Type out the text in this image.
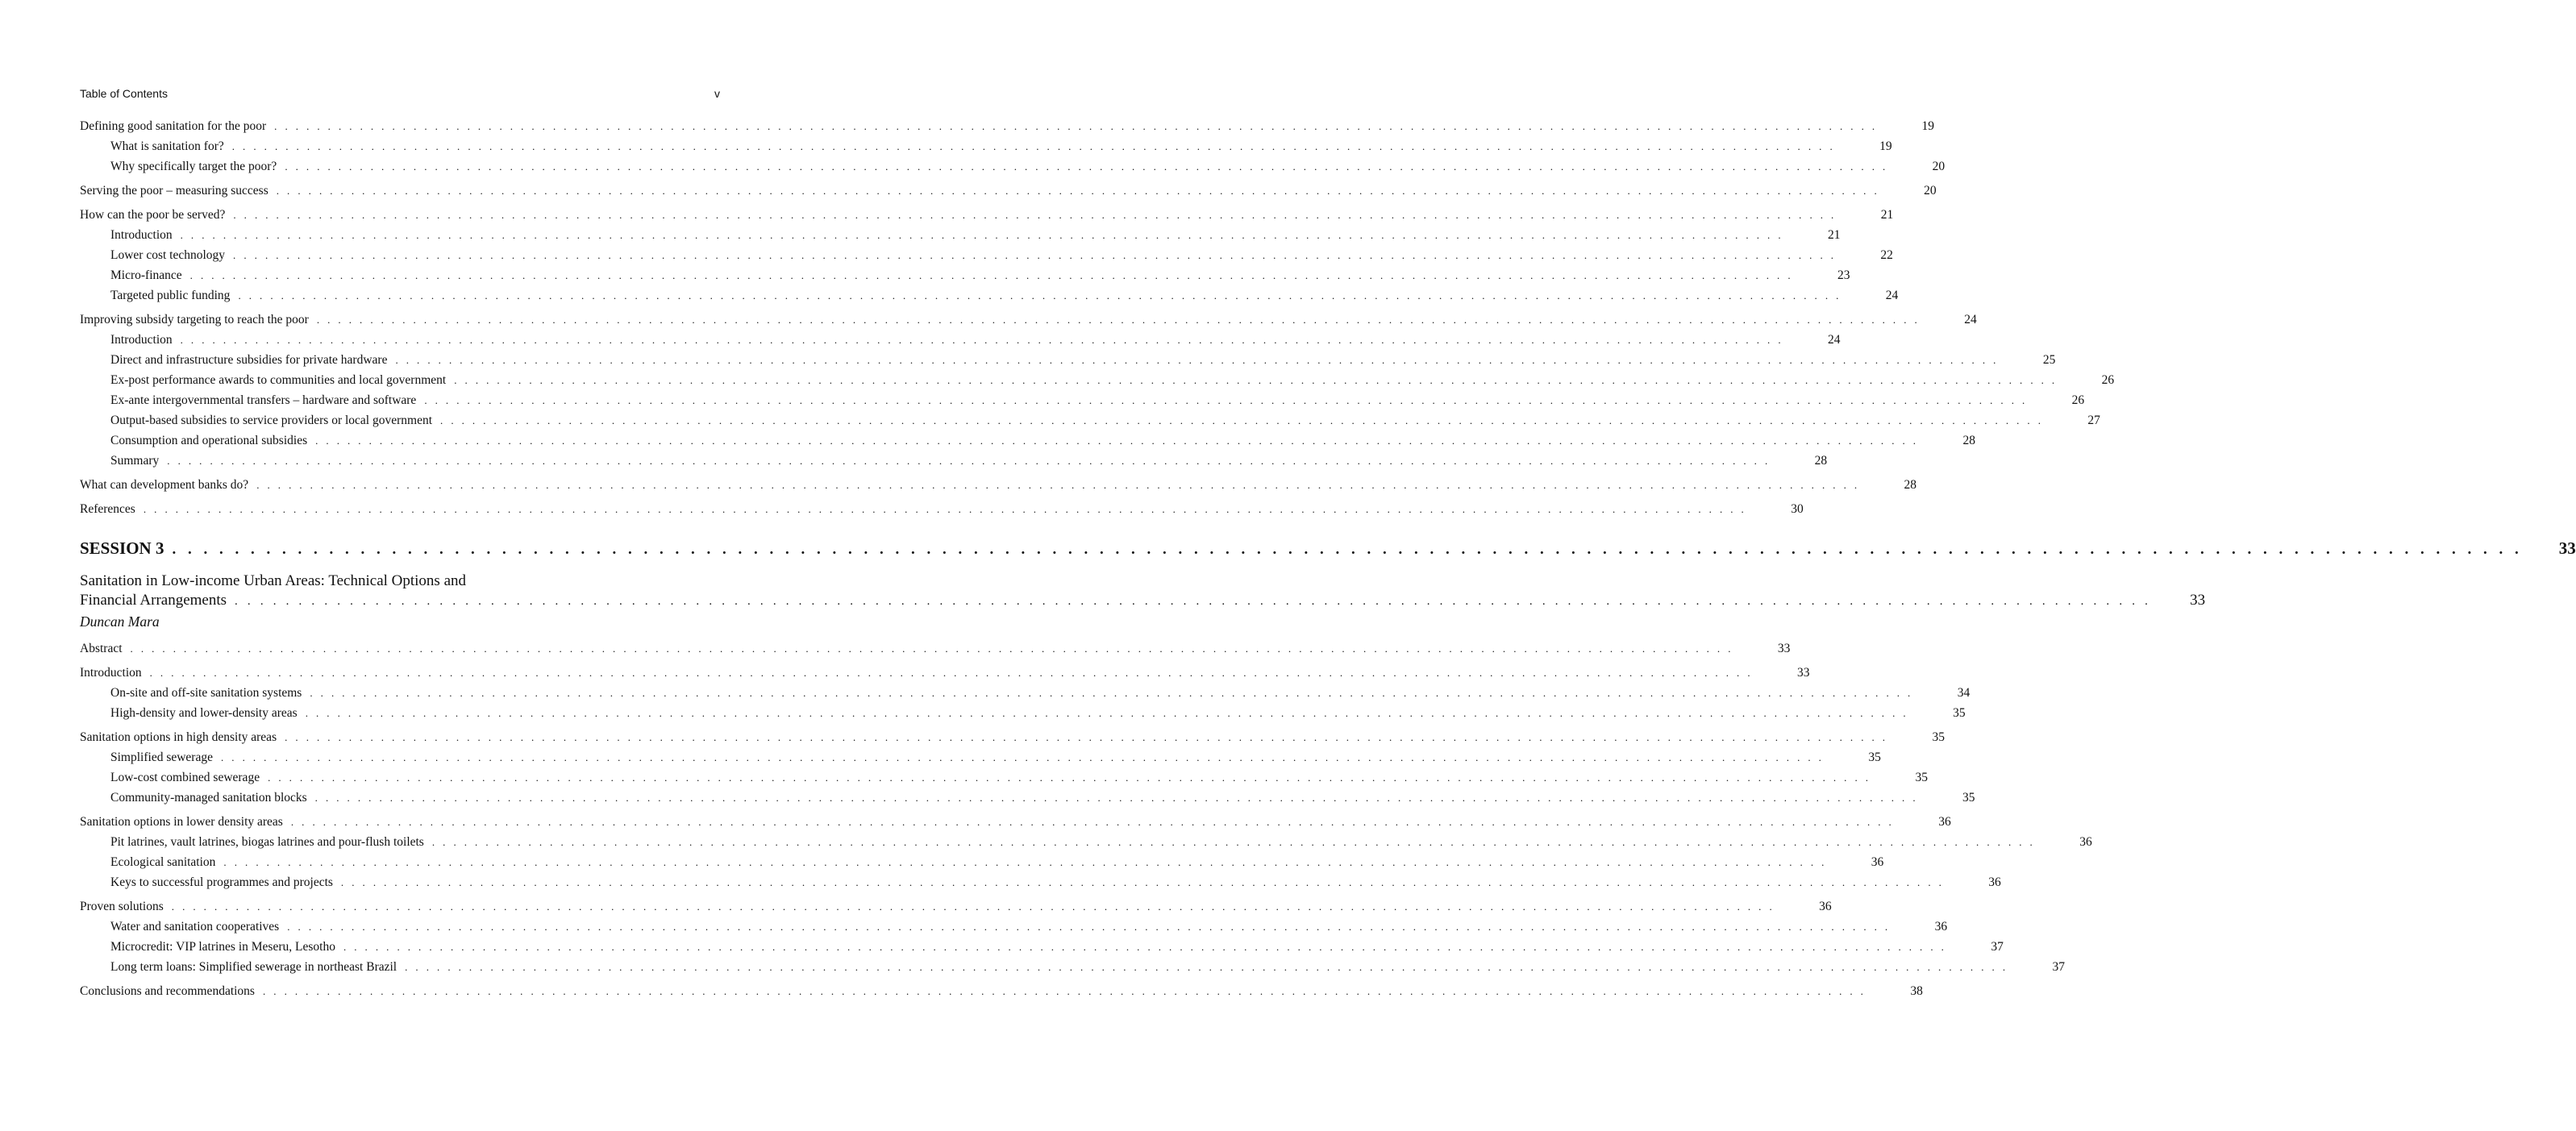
Table of Contents	v
Defining good sanitation for the poor . . . . . . . . . . . . . . . . . . . . . . . . . . . . . . . . . . . . . . . . . . . . . . . . . . . . . . . . . . . . . . . . . . . . . . . . . . . . . . . . . . . . . . . . . . . . . . . . . . . . . . . . . . . . . . . . . . . . . . . . . . . . . . . . . . . . . . . . . . . . . . . . . . . . . .	19
What is sanitation for? . . . . . . . . . . . . . . . . . . . . . . . . . . . . . . . . . . . . . . . . . . . . . . . . . . . . . . . . . . . . . . . . . . . . . . . . . . . . . . . . . . . . . . . . . . . . . . . . . . . . . . . . . . . . . . . . . . . . . . . . . . . . . . . . . . . . . . . . . . . . . . . . . . . . . .	19
Why specifically target the poor? . . . . . . . . . . . . . . . . . . . . . . . . . . . . . . . . . . . . . . . . . . . . . . . . . . . . . . . . . . . . . . . . . . . . . . . . . . . . . . . . . . . . . . . . . . . . . . . . . . . . . . . . . . . . . . . . . . . . . . . . . . . . . . . . . . . . . . . . . . . . . . . . . . . . . .	20
Serving the poor – measuring success . . . . . . . . . . . . . . . . . . . . . . . . . . . . . . . . . . . . . . . . . . . . . . . . . . . . . . . . . . . . . . . . . . . . . . . . . . . . . . . . . . . . . . . . . . . . . . . . . . . . . . . . . . . . . . . . . . . . . . . . . . . . . . . . . . . . . . . . . . . . . . . . . . . . . .	20
How can the poor be served? . . . . . . . . . . . . . . . . . . . . . . . . . . . . . . . . . . . . . . . . . . . . . . . . . . . . . . . . . . . . . . . . . . . . . . . . . . . . . . . . . . . . . . . . . . . . . . . . . . . . . . . . . . . . . . . . . . . . . . . . . . . . . . . . . . . . . . . . . . . . . . . . . . . . . .	21
Introduction . . . . . . . . . . . . . . . . . . . . . . . . . . . . . . . . . . . . . . . . . . . . . . . . . . . . . . . . . . . . . . . . . . . . . . . . . . . . . . . . . . . . . . . . . . . . . . . . . . . . . . . . . . . . . . . . . . . . . . . . . . . . . . . . . . . . . . . . . . . . . . . . . . . . . .	21
Lower cost technology . . . . . . . . . . . . . . . . . . . . . . . . . . . . . . . . . . . . . . . . . . . . . . . . . . . . . . . . . . . . . . . . . . . . . . . . . . . . . . . . . . . . . . . . . . . . . . . . . . . . . . . . . . . . . . . . . . . . . . . . . . . . . . . . . . . . . . . . . . . . . . . . . . . . . .	22
Micro-finance . . . . . . . . . . . . . . . . . . . . . . . . . . . . . . . . . . . . . . . . . . . . . . . . . . . . . . . . . . . . . . . . . . . . . . . . . . . . . . . . . . . . . . . . . . . . . . . . . . . . . . . . . . . . . . . . . . . . . . . . . . . . . . . . . . . . . . . . . . . . . . . . . . . . . .	23
Targeted public funding . . . . . . . . . . . . . . . . . . . . . . . . . . . . . . . . . . . . . . . . . . . . . . . . . . . . . . . . . . . . . . . . . . . . . . . . . . . . . . . . . . . . . . . . . . . . . . . . . . . . . . . . . . . . . . . . . . . . . . . . . . . . . . . . . . . . . . . . . . . . . . . . . . . . . .	24
Improving subsidy targeting to reach the poor . . . . . . . . . . . . . . . . . . . . . . . . . . . . . . . . . . . . . . . . . . . . . . . . . . . . . . . . . . . . . . . . . . . . . . . . . . . . . . . . . . . . . . . . . . . . . . . . . . . . . . . . . . . . . . . . . . . . . . . . . . . . . . . . . . . . . . . . . . . . . . . . . . . . . .	24
Introduction . . . . . . . . . . . . . . . . . . . . . . . . . . . . . . . . . . . . . . . . . . . . . . . . . . . . . . . . . . . . . . . . . . . . . . . . . . . . . . . . . . . . . . . . . . . . . . . . . . . . . . . . . . . . . . . . . . . . . . . . . . . . . . . . . . . . . . . . . . . . . . . . . . . . . .	24
Direct and infrastructure subsidies for private hardware . . . . . . . . . . . . . . . . . . . . . . . . . . . . . . . . . . . . . . . . . . . . . . . . . . . . . . . . . . . . . . . . . . . . . . . . . . . . . . . . . . . . . . . . . . . . . . . . . . . . . . . . . . . . . . . . . . . . . . . . . . . . . . . . . . . . . . . . . . . . . . . . . . . . . .	25
Ex-post performance awards to communities and local government . . . . . . . . . . . . . . . . . . . . . . . . . . . . . . . . . . . . . . . . . . . . . . . . . . . . . . . . . . . . . . . . . . . . . . . . . . . . . . . . . . . . . . . . . . . . . . . . . . . . . . . . . . . . . . . . . . . . . . . . . . . . . . . . . . . . . . . . . . . . . . . . . . . . . .	26
Ex-ante intergovernmental transfers – hardware and software . . . . . . . . . . . . . . . . . . . . . . . . . . . . . . . . . . . . . . . . . . . . . . . . . . . . . . . . . . . . . . . . . . . . . . . . . . . . . . . . . . . . . . . . . . . . . . . . . . . . . . . . . . . . . . . . . . . . . . . . . . . . . . . . . . . . . . . . . . . . . . . . . . . . . .	26
Output-based subsidies to service providers or local government . . . . . . . . . . . . . . . . . . . . . . . . . . . . . . . . . . . . . . . . . . . . . . . . . . . . . . . . . . . . . . . . . . . . . . . . . . . . . . . . . . . . . . . . . . . . . . . . . . . . . . . . . . . . . . . . . . . . . . . . . . . . . . . . . . . . . . . . . . . . . . . . . . . . . .	27
Consumption and operational subsidies . . . . . . . . . . . . . . . . . . . . . . . . . . . . . . . . . . . . . . . . . . . . . . . . . . . . . . . . . . . . . . . . . . . . . . . . . . . . . . . . . . . . . . . . . . . . . . . . . . . . . . . . . . . . . . . . . . . . . . . . . . . . . . . . . . . . . . . . . . . . . . . . . . . . . .	28
Summary . . . . . . . . . . . . . . . . . . . . . . . . . . . . . . . . . . . . . . . . . . . . . . . . . . . . . . . . . . . . . . . . . . . . . . . . . . . . . . . . . . . . . . . . . . . . . . . . . . . . . . . . . . . . . . . . . . . . . . . . . . . . . . . . . . . . . . . . . . . . . . . . . . . . . .	28
What can development banks do? . . . . . . . . . . . . . . . . . . . . . . . . . . . . . . . . . . . . . . . . . . . . . . . . . . . . . . . . . . . . . . . . . . . . . . . . . . . . . . . . . . . . . . . . . . . . . . . . . . . . . . . . . . . . . . . . . . . . . . . . . . . . . . . . . . . . . . . . . . . . . . . . . . . . . .	28
References . . . . . . . . . . . . . . . . . . . . . . . . . . . . . . . . . . . . . . . . . . . . . . . . . . . . . . . . . . . . . . . . . . . . . . . . . . . . . . . . . . . . . . . . . . . . . . . . . . . . . . . . . . . . . . . . . . . . . . . . . . . . . . . . . . . . . . . . . . . . . . . . . . . . . .	30
SESSION 3 . . . . . . . . . . . . . . . . . . . . . . . . . . . . . . . . . . . . . . . . . . . . . . . . . . . . . . . . . . . . . . . . . . . . . . . . . . . . . . . . . . . . . . . . . . . . . . . . . . . . . . . . . . . . . . . . . . . . . . . . . . . . . . . . . . . . . . . . . . . . . . . . . . . . . . 33
Sanitation in Low-income Urban Areas: Technical Options and
Financial Arrangements . . . . . . . . . . . . . . . . . . . . . . . . . . . . . . . . . . . . . . . . . . . . . . . . . . . . . . . . . . . . . . . . . . . . . . . . . . . . . . . . . . . . . . . . . . . . . . . . . . . . . . . . . . . . . . . . . . . . . . . . . . . . . . . . . . . . . . . . . . . . . . . . . . . . . .	33
Duncan Mara
Abstract . . . . . . . . . . . . . . . . . . . . . . . . . . . . . . . . . . . . . . . . . . . . . . . . . . . . . . . . . . . . . . . . . . . . . . . . . . . . . . . . . . . . . . . . . . . . . . . . . . . . . . . . . . . . . . . . . . . . . . . . . . . . . . . . . . . . . . . . . . . . . . . . . . . . . .	33
Introduction . . . . . . . . . . . . . . . . . . . . . . . . . . . . . . . . . . . . . . . . . . . . . . . . . . . . . . . . . . . . . . . . . . . . . . . . . . . . . . . . . . . . . . . . . . . . . . . . . . . . . . . . . . . . . . . . . . . . . . . . . . . . . . . . . . . . . . . . . . . . . . . . . . . . . .	33
On-site and off-site sanitation systems . . . . . . . . . . . . . . . . . . . . . . . . . . . . . . . . . . . . . . . . . . . . . . . . . . . . . . . . . . . . . . . . . . . . . . . . . . . . . . . . . . . . . . . . . . . . . . . . . . . . . . . . . . . . . . . . . . . . . . . . . . . . . . . . . . . . . . . . . . . . . . . . . . . . . .	34
High-density and lower-density areas . . . . . . . . . . . . . . . . . . . . . . . . . . . . . . . . . . . . . . . . . . . . . . . . . . . . . . . . . . . . . . . . . . . . . . . . . . . . . . . . . . . . . . . . . . . . . . . . . . . . . . . . . . . . . . . . . . . . . . . . . . . . . . . . . . . . . . . . . . . . . . . . . . . . . .	35
Sanitation options in high density areas . . . . . . . . . . . . . . . . . . . . . . . . . . . . . . . . . . . . . . . . . . . . . . . . . . . . . . . . . . . . . . . . . . . . . . . . . . . . . . . . . . . . . . . . . . . . . . . . . . . . . . . . . . . . . . . . . . . . . . . . . . . . . . . . . . . . . . . . . . . . . . . . . . . . . .	35
Simplified sewerage . . . . . . . . . . . . . . . . . . . . . . . . . . . . . . . . . . . . . . . . . . . . . . . . . . . . . . . . . . . . . . . . . . . . . . . . . . . . . . . . . . . . . . . . . . . . . . . . . . . . . . . . . . . . . . . . . . . . . . . . . . . . . . . . . . . . . . . . . . . . . . . . . . . . . .	35
Low-cost combined sewerage . . . . . . . . . . . . . . . . . . . . . . . . . . . . . . . . . . . . . . . . . . . . . . . . . . . . . . . . . . . . . . . . . . . . . . . . . . . . . . . . . . . . . . . . . . . . . . . . . . . . . . . . . . . . . . . . . . . . . . . . . . . . . . . . . . . . . . . . . . . . . . . . . . . . . .	35
Community-managed sanitation blocks . . . . . . . . . . . . . . . . . . . . . . . . . . . . . . . . . . . . . . . . . . . . . . . . . . . . . . . . . . . . . . . . . . . . . . . . . . . . . . . . . . . . . . . . . . . . . . . . . . . . . . . . . . . . . . . . . . . . . . . . . . . . . . . . . . . . . . . . . . . . . . . . . . . . . .	35
Sanitation options in lower density areas . . . . . . . . . . . . . . . . . . . . . . . . . . . . . . . . . . . . . . . . . . . . . . . . . . . . . . . . . . . . . . . . . . . . . . . . . . . . . . . . . . . . . . . . . . . . . . . . . . . . . . . . . . . . . . . . . . . . . . . . . . . . . . . . . . . . . . . . . . . . . . . . . . . . . .	36
Pit latrines, vault latrines, biogas latrines and pour-flush toilets . . . . . . . . . . . . . . . . . . . . . . . . . . . . . . . . . . . . . . . . . . . . . . . . . . . . . . . . . . . . . . . . . . . . . . . . . . . . . . . . . . . . . . . . . . . . . . . . . . . . . . . . . . . . . . . . . . . . . . . . . . . . . . . . . . . . . . . . . . . . . . . . . . . . . .	36
Ecological sanitation . . . . . . . . . . . . . . . . . . . . . . . . . . . . . . . . . . . . . . . . . . . . . . . . . . . . . . . . . . . . . . . . . . . . . . . . . . . . . . . . . . . . . . . . . . . . . . . . . . . . . . . . . . . . . . . . . . . . . . . . . . . . . . . . . . . . . . . . . . . . . . . . . . . . . .	36
Keys to successful programmes and projects . . . . . . . . . . . . . . . . . . . . . . . . . . . . . . . . . . . . . . . . . . . . . . . . . . . . . . . . . . . . . . . . . . . . . . . . . . . . . . . . . . . . . . . . . . . . . . . . . . . . . . . . . . . . . . . . . . . . . . . . . . . . . . . . . . . . . . . . . . . . . . . . . . . . . .	36
Proven solutions . . . . . . . . . . . . . . . . . . . . . . . . . . . . . . . . . . . . . . . . . . . . . . . . . . . . . . . . . . . . . . . . . . . . . . . . . . . . . . . . . . . . . . . . . . . . . . . . . . . . . . . . . . . . . . . . . . . . . . . . . . . . . . . . . . . . . . . . . . . . . . . . . . . . . .	36
Water and sanitation cooperatives . . . . . . . . . . . . . . . . . . . . . . . . . . . . . . . . . . . . . . . . . . . . . . . . . . . . . . . . . . . . . . . . . . . . . . . . . . . . . . . . . . . . . . . . . . . . . . . . . . . . . . . . . . . . . . . . . . . . . . . . . . . . . . . . . . . . . . . . . . . . . . . . . . . . . .	36
Microcredit: VIP latrines in Meseru, Lesotho . . . . . . . . . . . . . . . . . . . . . . . . . . . . . . . . . . . . . . . . . . . . . . . . . . . . . . . . . . . . . . . . . . . . . . . . . . . . . . . . . . . . . . . . . . . . . . . . . . . . . . . . . . . . . . . . . . . . . . . . . . . . . . . . . . . . . . . . . . . . . . . . . . . . . .	37
Long term loans: Simplified sewerage in northeast Brazil . . . . . . . . . . . . . . . . . . . . . . . . . . . . . . . . . . . . . . . . . . . . . . . . . . . . . . . . . . . . . . . . . . . . . . . . . . . . . . . . . . . . . . . . . . . . . . . . . . . . . . . . . . . . . . . . . . . . . . . . . . . . . . . . . . . . . . . . . . . . . . . . . . . . . .	37
Conclusions and recommendations . . . . . . . . . . . . . . . . . . . . . . . . . . . . . . . . . . . . . . . . . . . . . . . . . . . . . . . . . . . . . . . . . . . . . . . . . . . . . . . . . . . . . . . . . . . . . . . . . . . . . . . . . . . . . . . . . . . . . . . . . . . . . . . . . . . . . . . . . . . . . . . . . . . . . .	38
